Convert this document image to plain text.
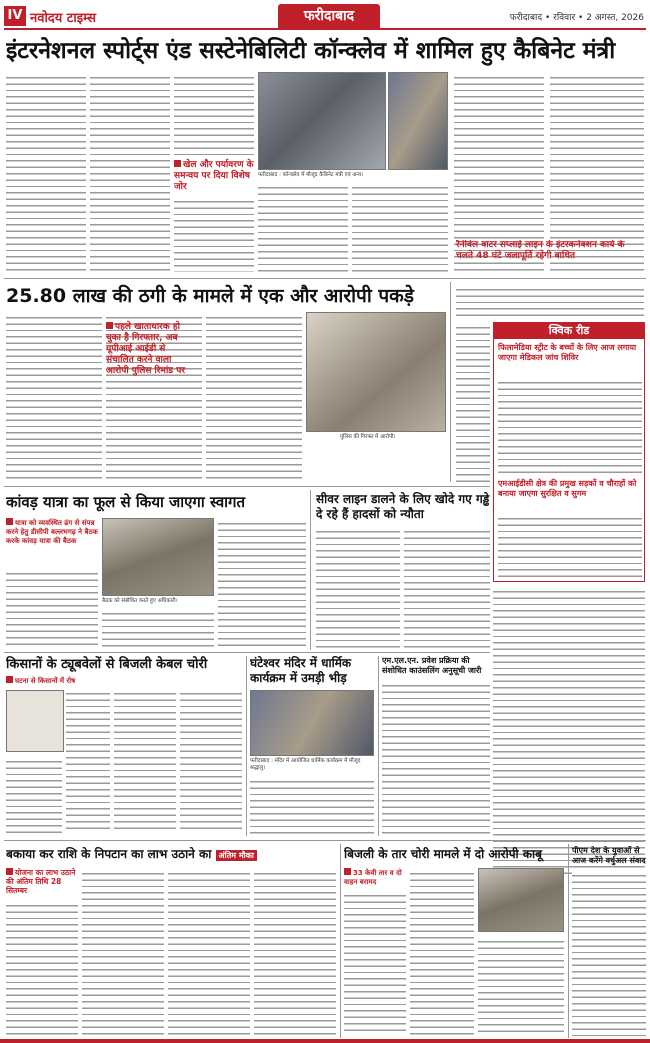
IV नवोदय टाइम्स	फरीदाबाद	फरीदाबाद • रविवार • 2 अगस्त, 2026
इंटरनेशनल स्पोर्ट्स एंड सस्टेनेबिलिटी कॉन्क्लेव में शामिल हुए कैबिनेट मंत्री
खेल और पर्यावरण के समन्वय पर दिया विशेष जोर
फरीदाबाद : कॉन्क्लेव में मौजूद कैबिनेट मंत्री एवं अन्य।
25.80 लाख की ठगी के मामले में एक और आरोपी पकड़े
पहले खाताधारक हो चुका है गिरफ्तार, अब यूपीआई आईडी से संचालित करने वाला आरोपी पुलिस रिमांड पर
पुलिस की गिरफ्त में आरोपी।
रैनीवेल वाटर सप्लाई लाइन के इंटरकनेक्शन कार्य के चलते 48 घंटे जलापूर्ति रहेगी बाधित
क्विक रीड
फिलामेडिया स्ट्रीट के बच्चों के लिए आज लगाया जाएगा मेडिकल जांच शिविर
एमआईडीसी क्षेत्र की प्रमुख सड़कों व चौराहों को बनाया जाएगा सुरक्षित व सुगम
कांवड़ यात्रा का फूल से किया जाएगा स्वागत
यात्रा को व्यवस्थित ढंग से संपन्न करने हेतु डीसीपी बल्लभगढ़ ने बैठक करके कांवड़ यात्रा की बैठक
बैठक को संबोधित करते हुए अधिकारी।
सीवर लाइन डालने के लिए खोदे गए गड्ढे दे रहे हैं हादसों को न्यौता
किसानों के ट्यूबवेलों से बिजली केबल चोरी
घटना से किसानों में रोष
घंटेश्वर मंदिर में धार्मिक कार्यक्रम में उमड़ी भीड़
फरीदाबाद : मंदिर में आयोजित धार्मिक कार्यक्रम में मौजूद श्रद्धालु।
एम.एल.एन. प्रवेश प्रक्रिया की संशोधित काउंसलिंग अनुसूची जारी
बकाया कर राशि के निपटान का लाभ उठाने का अंतिम मौका
योजना का लाभ उठाने की अंतिम तिथि 28 सितम्बर
बिजली के तार चोरी मामले में दो आरोपी काबू
33 केवी तार व दो वाहन बरामद
पीएम देश के युवाओं से आज करेंगे वर्चुअल संवाद
